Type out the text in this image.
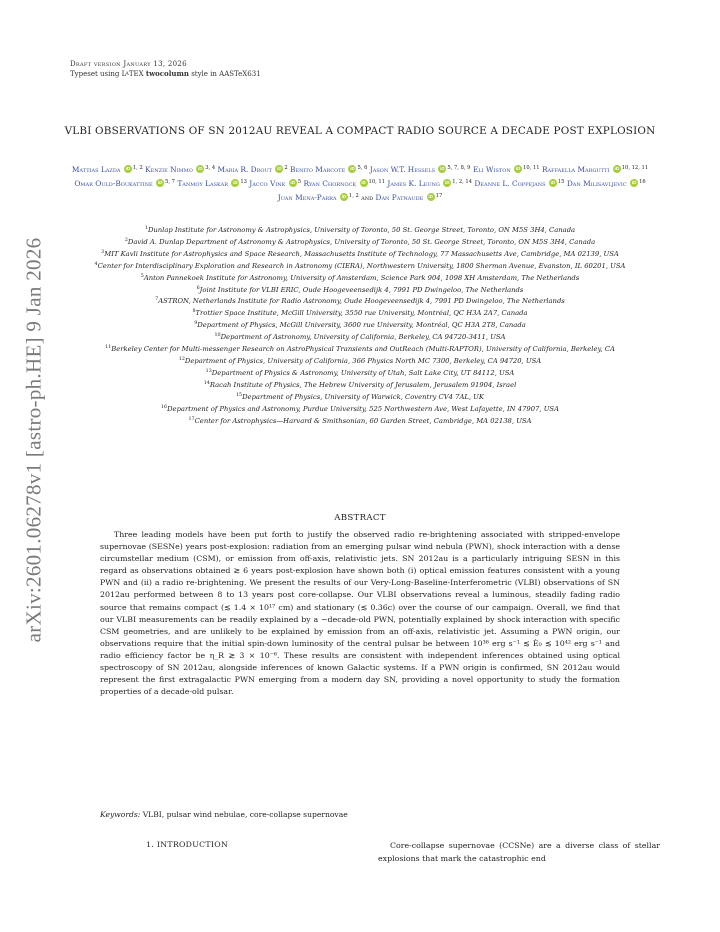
arXiv:2601.06278v1 [astro-ph.HE] 9 Jan 2026
Draft version January 13, 2026
Typeset using $L^ATEX$ twocolumn style in AASTeX631
VLBI OBSERVATIONS OF SN 2012AU REVEAL A COMPACT RADIO SOURCE A DECADE POST EXPLOSION
Mattias Lazda iD $^{1, 2}$ Kenzie Nimmo iD $^{3, 4}$ Maria R. Drout iD $^2$ Benito Marcote iD $^{5, 6}$ Jason W.T. Hessels iD $^{5, 7, 8, 9}$ Eli Wiston iD $^{10, 11}$ Raffaella Margutti iD $^{10, 12, 11}$ Omar Ould-Boukattine iD $^{5, 7}$ Tanmoy Laskar iD $^{13}$ Jacco Vink iD $^5$ Ryan Chornock iD $^{10, 11}$ James K. Leung iD $^{1, 2, 14}$ Deanne L. Coppejans iD $^{15}$ Dan Milisavljevic iD $^{16}$ Juan Mena-Parra iD $^{1, 2}$ and Dan Patnaude iD $^{17}$
$^1$Dunlap Institute for Astronomy & Astrophysics, University of Toronto, 50 St. George Street, Toronto, ON M5S 3H4, Canada
$^2$David A. Dunlap Department of Astronomy & Astrophysics, University of Toronto, 50 St. George Street, Toronto, ON M5S 3H4, Canada
$^3$MIT Kavli Institute for Astrophysics and Space Research, Massachusetts Institute of Technology, 77 Massachusetts Ave, Cambridge, MA 02139, USA
$^4$Center for Interdisciplinary Exploration and Research in Astronomy (CIERA), Northwestern University, 1800 Sherman Avenue, Evanston, IL 60201, USA
$^5$Anton Pannekoek Institute for Astronomy, University of Amsterdam, Science Park 904, 1098 XH Amsterdam, The Netherlands
$^6$Joint Institute for VLBI ERIC, Oude Hoogeveensedijk 4, 7991 PD Dwingeloo, The Netherlands
$^7$ASTRON, Netherlands Institute for Radio Astronomy, Oude Hoogeveensedijk 4, 7991 PD Dwingeloo, The Netherlands
$^8$Trottier Space Institute, McGill University, 3550 rue University, Montréal, QC H3A 2A7, Canada
$^9$Department of Physics, McGill University, 3600 rue University, Montréal, QC H3A 2T8, Canada
$^{10}$Department of Astronomy, University of California, Berkeley, CA 94720-3411, USA
$^{11}$Berkeley Center for Multi-messenger Research on AstroPhysical Transients and OutReach (Multi-RAPTOR), University of California, Berkeley, CA
$^{12}$Department of Physics, University of California, 366 Physics North MC 7300, Berkeley, CA 94720, USA
$^{13}$Department of Physics & Astronomy, University of Utah, Salt Lake City, UT 84112, USA
$^{14}$Racah Institute of Physics, The Hebrew University of Jerusalem, Jerusalem 91904, Israel
$^{15}$Department of Physics, University of Warwick, Coventry CV4 7AL, UK
$^{16}$Department of Physics and Astronomy, Purdue University, 525 Northwestern Ave, West Lafayette, IN 47907, USA
$^{17}$Center for Astrophysics—Harvard & Smithsonian, 60 Garden Street, Cambridge, MA 02138, USA
ABSTRACT
Three leading models have been put forth to justify the observed radio re-brightening associated with stripped-envelope supernovae (SESNe) years post-explosion: radiation from an emerging pulsar wind nebula (PWN), shock interaction with a dense circumstellar medium (CSM), or emission from off-axis, relativistic jets. SN 2012au is a particularly intriguing SESN in this regard as observations obtained ≳ 6 years post-explosion have shown both (i) optical emission features consistent with a young PWN and (ii) a radio re-brightening. We present the results of our Very-Long-Baseline-Interferometric (VLBI) observations of SN 2012au performed between 8 to 13 years post core-collapse. Our VLBI observations reveal a luminous, steadily fading radio source that remains compact (≲ 1.4 × 10¹⁷ cm) and stationary (≲ 0.36c) over the course of our campaign. Overall, we find that our VLBI measurements can be readily explained by a ∼decade-old PWN, potentially explained by shock interaction with specific CSM geometries, and are unlikely to be explained by emission from an off-axis, relativistic jet. Assuming a PWN origin, our observations require that the initial spin-down luminosity of the central pulsar be between 10³⁶ erg s⁻¹ ≲ Ė₀ ≲ 10⁴² erg s⁻¹ and radio efficiency factor be η_R ≳ 3 × 10⁻⁶. These results are consistent with independent inferences obtained using optical spectroscopy of SN 2012au, alongside inferences of known Galactic systems. If a PWN origin is confirmed, SN 2012au would represent the first extragalactic PWN emerging from a modern day SN, providing a novel opportunity to study the formation properties of a decade-old pulsar.
Keywords: VLBI, pulsar wind nebulae, core-collapse supernovae
1. INTRODUCTION	Core-collapse supernovae (CCSNe) are a diverse class of stellar explosions that mark the catastrophic end
